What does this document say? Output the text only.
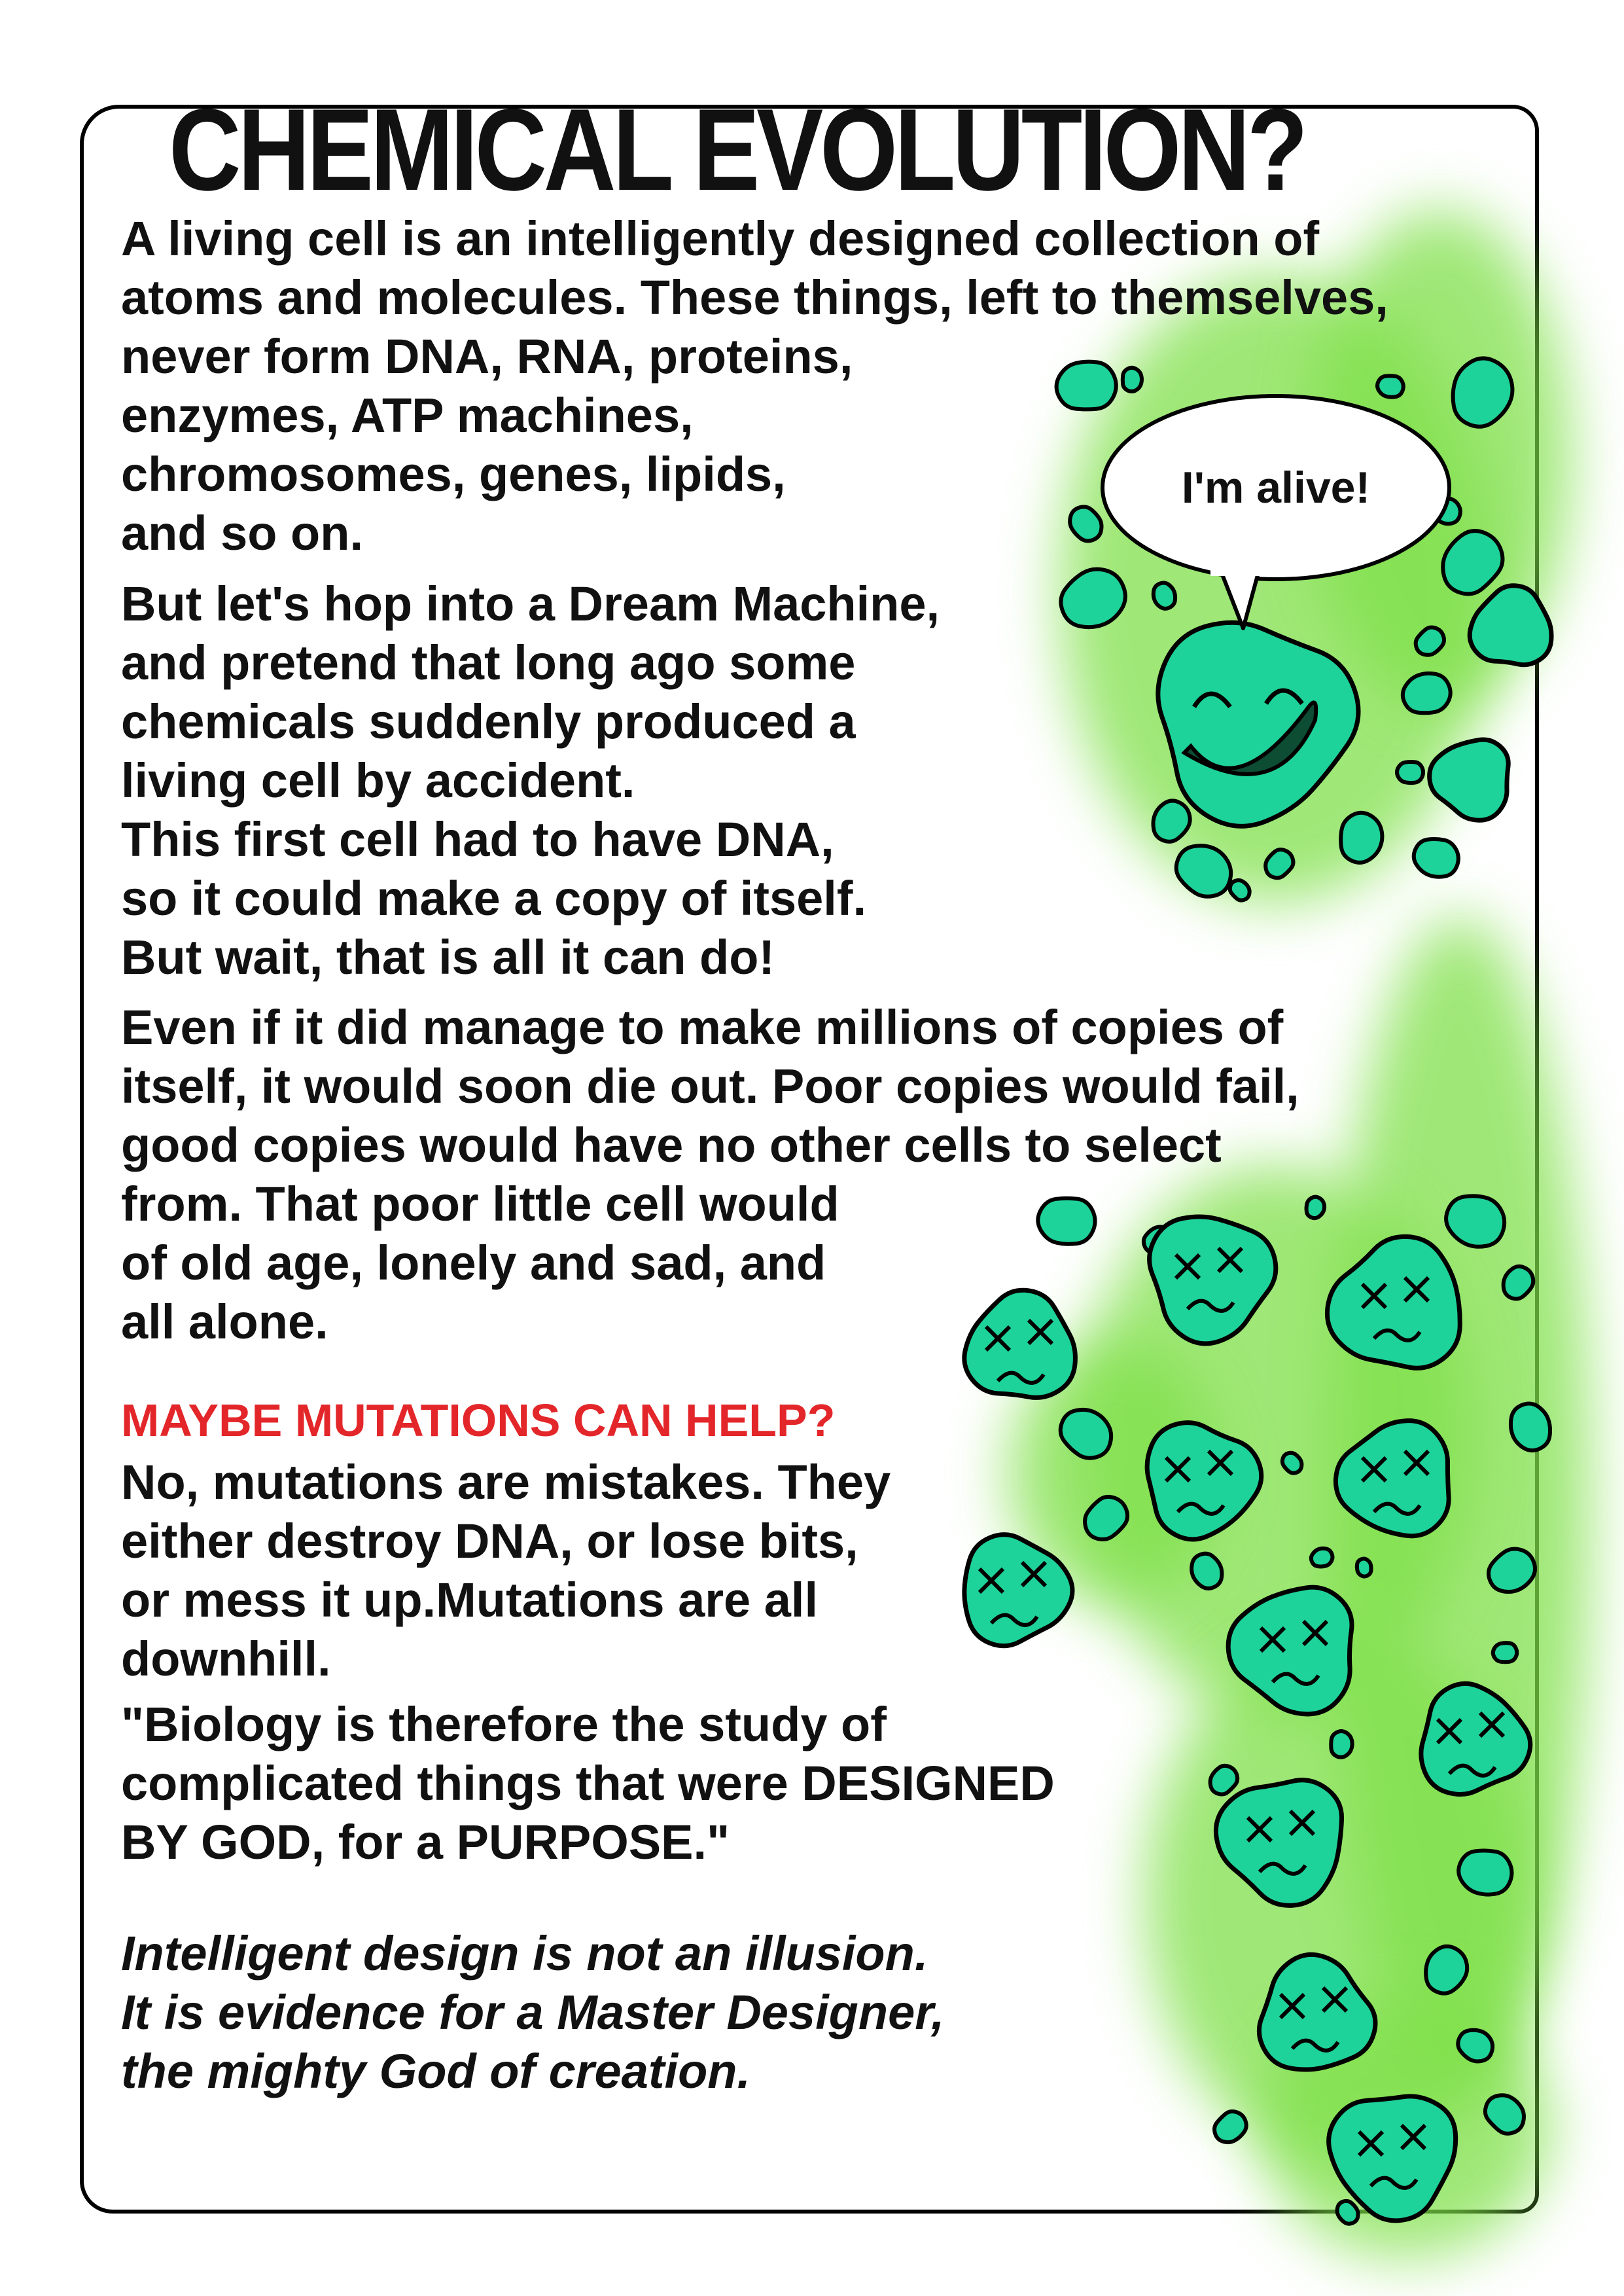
I'm alive!
CHEMICAL EVOLUTION?

A living cell is an intelligently designed collection of
atoms and molecules. These things, left to themselves,
never form DNA, RNA, proteins,
enzymes, ATP machines,
chromosomes, genes, lipids,
and so on.

But let's hop into a Dream Machine,
and pretend that long ago some
chemicals suddenly produced a
living cell by accident.
This first cell had to have DNA,
so it could make a copy of itself.
But wait, that is all it can do!

Even if it did manage to make millions of copies of
itself, it would soon die out. Poor copies would fail,
good copies would have no other cells to select
from. That poor little cell would
of old age, lonely and sad, and
all alone.

MAYBE MUTATIONS CAN HELP?

No, mutations are mistakes. They
either destroy DNA, or lose bits,
or mess it up.Mutations are all
downhill.

"Biology is therefore the study of
complicated things that were DESIGNED
BY GOD, for a PURPOSE."

Intelligent design is not an illusion.
It is evidence for a Master Designer,
the mighty God of creation.
